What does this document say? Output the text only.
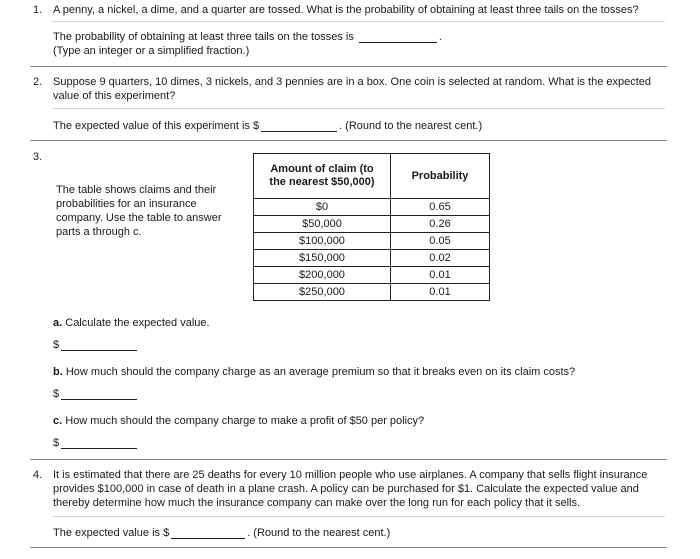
1. A penny, a nickel, a dime, and a quarter are tossed. What is the probability of obtaining at least three tails on the tosses?
The probability of obtaining at least three tails on the tosses is	.
(Type an integer or a simplified fraction.)
2. Suppose 9 quarters, 10 dimes, 3 nickels, and 3 pennies are in a box. One coin is selected at random. What is the expected
value of this experiment?
The expected value of this experiment is $	. (Round to the nearest cent.)
3.
The table shows claims and their probabilities for an insurance company. Use the table to answer parts a through c.
Amount of claim (to the nearest $50,000)	Probability
$0	0.65
$50,000	0.26
$100,000	0.05
$150,000	0.02
$200,000	0.01
$250,000	0.01
a. Calculate the expected value.
$
b. How much should the company charge as an average premium so that it breaks even on its claim costs?
$
c. How much should the company charge to make a profit of $50 per policy?
$
4. It is estimated that there are 25 deaths for every 10 million people who use airplanes. A company that sells flight insurance
provides $100,000 in case of death in a plane crash. A policy can be purchased for $1. Calculate the expected value and
thereby determine how much the insurance company can make over the long run for each policy that it sells.
The expected value is $	. (Round to the nearest cent.)
